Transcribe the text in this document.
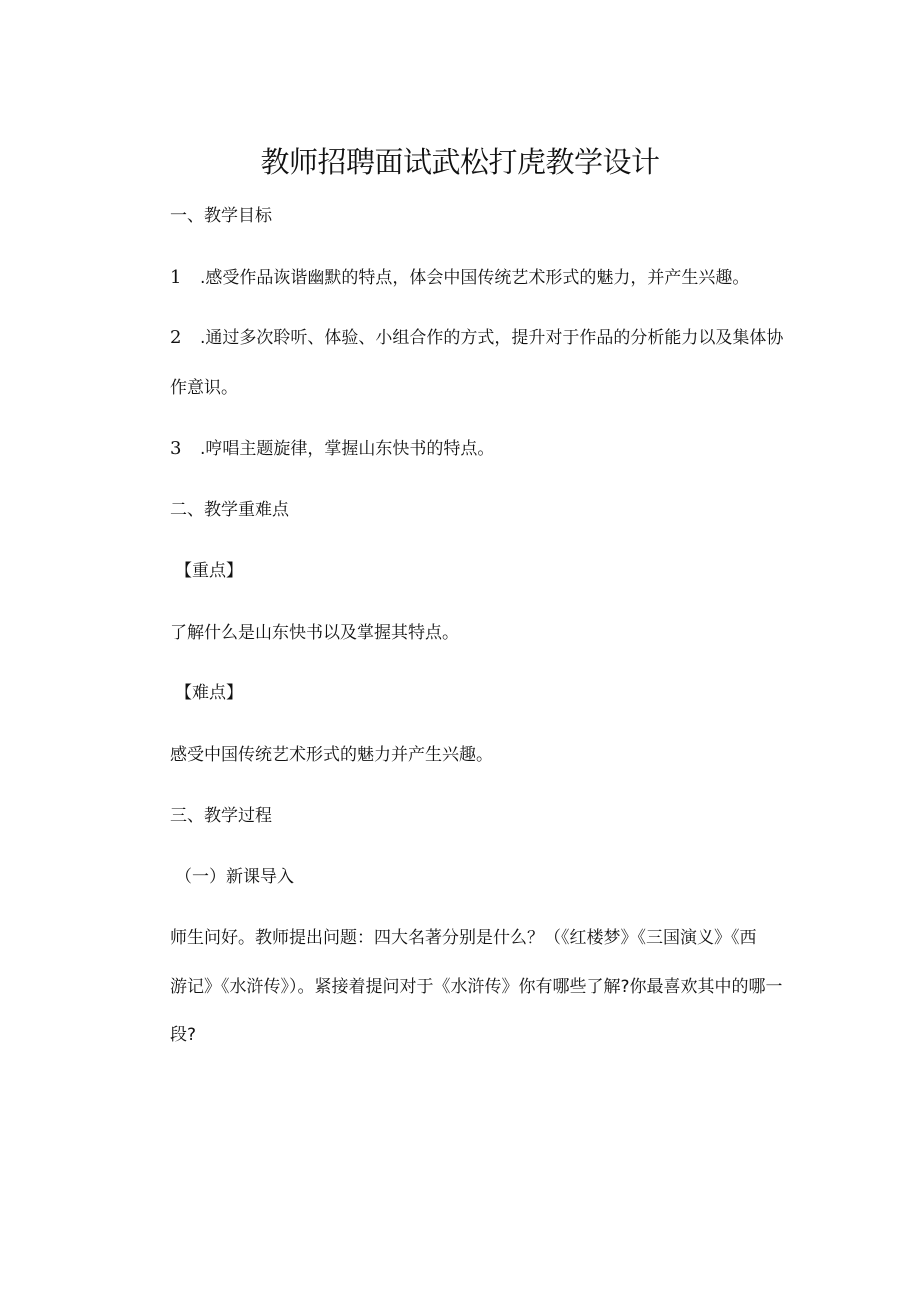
教师招聘面试武松打虎教学设计

一、教学目标

1 .感受作品诙谐幽默的特点，体会中国传统艺术形式的魅力，并产生兴趣。

2 .通过多次聆听、体验、小组合作的方式，提升对于作品的分析能力以及集体协

作意识。

3 .哼唱主题旋律，掌握山东快书的特点。

二、教学重难点

【重点】

了解什么是山东快书以及掌握其特点。

【难点】

感受中国传统艺术形式的魅力并产生兴趣。

三、教学过程

（一）新课导入

师生问好。教师提出问题：四大名著分别是什么？（《红楼梦》《三国演义》《西

游记》《水浒传》）。紧接着提问对于《水浒传》你有哪些了解?你最喜欢其中的哪一

段?
